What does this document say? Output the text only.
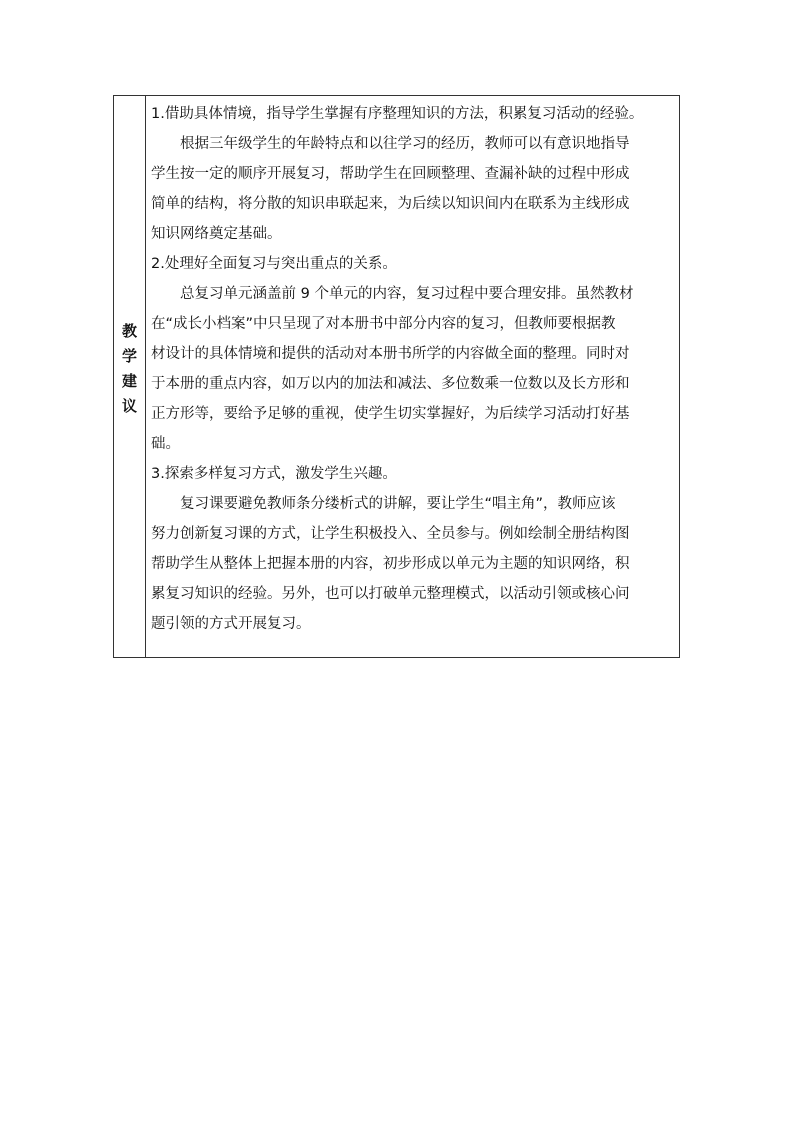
教
学
建
议
1.借助具体情境，指导学生掌握有序整理知识的方法，积累复习活动的经验。
根据三年级学生的年龄特点和以往学习的经历，教师可以有意识地指导
学生按一定的顺序开展复习，帮助学生在回顾整理、查漏补缺的过程中形成
简单的结构，将分散的知识串联起来，为后续以知识间内在联系为主线形成
知识网络奠定基础。
2.处理好全面复习与突出重点的关系。
总复习单元涵盖前 9 个单元的内容，复习过程中要合理安排。虽然教材
在“成长小档案”中只呈现了对本册书中部分内容的复习，但教师要根据教
材设计的具体情境和提供的活动对本册书所学的内容做全面的整理。同时对
于本册的重点内容，如万以内的加法和减法、多位数乘一位数以及长方形和
正方形等，要给予足够的重视，使学生切实掌握好，为后续学习活动打好基
础。
3.探索多样复习方式，激发学生兴趣。
复习课要避免教师条分缕析式的讲解，要让学生“唱主角”，教师应该
努力创新复习课的方式，让学生积极投入、全员参与。例如绘制全册结构图
帮助学生从整体上把握本册的内容，初步形成以单元为主题的知识网络，积
累复习知识的经验。另外，也可以打破单元整理模式，以活动引领或核心问
题引领的方式开展复习。
